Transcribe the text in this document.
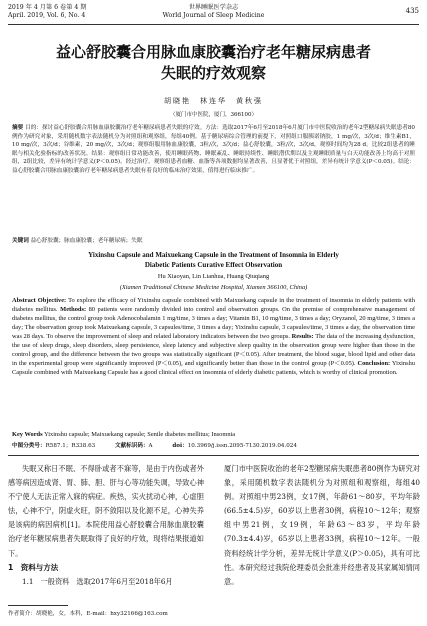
2019 年 4 月第 6 卷第 4 期
April. 2019, Vol. 6, No. 4
世界睡眠医学杂志
World Journal of Sleep Medicine
435
益心舒胶囊合用脉血康胶囊治疗老年糖尿病患者
失眠的疗效观察
胡晓艳　林连华　黄秋强
（厦门市中医院，厦门，366100）
摘要 目的：探讨益心舒胶囊合用脉血康胶囊治疗老年糖尿病患者失眠的疗效。方法：选取2017年6月至2018年6月厦门市中医院收治的老年2型糖尿病失眠患者80例作为研究对象，采用随机数字表法随机分为对照组和观察组，每组40例。基于糖尿病综合管理的前提下，对照组口服胰诺钠胶，1 mg/次，3次/d；维生素B1，10 mg/次，3次/d；谷维素，20 mg/次，3次/d；观察组服用脉血康胶囊，3粒/次，3次/d；益心舒胶囊，3粒/次，3次/d，观察时间均为28 d。比较2组患者的睡眠与相关化验指标的改善状况。结果：观察组日常功能改善，使用睡眠药物、睡眠紊乱、睡眠持续性、睡眠潜伏期以及主观睡眠质量与白天功能改善上均高于对照组，2组比较，差异有统计学意义(P＜0.05)。经过治疗，观察组患者血糖、血脂等各项数据均显著改善，且显著优于对照组，差异有统计学意义(P＜0.05)。结论：益心舒胶囊合用脉血康胶囊治疗老年糖尿病患者失眠有着良好的临床治疗效果，值得进行临床推广。
关键词 益心舒胶囊；脉血康胶囊；老年糖尿病；失眠
Yixinshu Capsule and Maixuekang Capsule in the Treatment of Insomnia in Elderly
Diabetic Patients Curative Effect Observation
Hu Xiaoyan, Lin Lianhua, Huang Qiuqiang
(Xiamen Traditional Chinese Medicine Hospital, Xiamen 366100, China)
Abstract Objective: To explore the efficacy of Yixinshu capsule combined with Maixuekang capsule in the treatment of insomnia in elderly patients with diabetes mellitus. Methods: 80 patients were randomly divided into control and observation groups. On the premise of comprehensive management of diabetes mellitus, the control group took Adenocobalamin 1 mg/time, 3 times a day; Vitamin B1, 10 mg/time, 3 times a day; Oryzanol, 20 mg/time, 3 times a day; The observation group took Maixuekang capsule, 3 capsules/time, 3 times a day; Yixinshu capsule, 3 capsules/time, 3 times a day, the observation time was 28 days. To observe the improvement of sleep and related laboratory indicators between the two groups. Results: The data of the increasing dysfunction, the use of sleep drugs, sleep disorders, sleep persistence, sleep latency and subjective sleep quality in the observation group were higher than those in the control group, and the difference between the two groups was statistically significant (P＜0.05). After treatment, the blood sugar, blood lipid and other data in the experimental group were significantly improved (P＜0.05), and significantly better than those in the control group (P＜0.05). Conclusion: Yixinshu Capsule combined with Maixuekang Capsule has a good clinical effect on insomnia of elderly diabetic patients, which is worthy of clinical promotion.
Key Words Yixinshu capsule; Maixuekang capsule; Senile diabetes mellitus; Insomnia
中图分类号：R587.1；R338.63	文献标识码：A	doi：10.3969/j.issn.2095-7130.2019.04.024
失眠又称日不眠、不得卧或者不寐等，是由于内伤或者外感等病因造成肾、胃、肺、胆、肝与心等功能失调，导致心神不宁使人无法正常入寐的病症。疾热，实火扰动心神，心虚胆怯，心神不宁，阴虚火旺，阴不敛阳以及化源不足，心神失养是该病的病因病机[1]。本院使用益心舒胶囊合用脉血康胶囊治疗老年糖尿病患者失眠取得了良好的疗效，现将结果报道如下。
1　资料与方法
1.1　一般资料　选取2017年6月至2018年6月
厦门市中医院收治的老年2型糖尿病失眠患者80例作为研究对象，采用随机数字表法随机分为对照组和观察组，每组40例。对照组中男23例，女17例，年龄61～80岁，平均年龄(66.5±4.5)岁，60岁以上患者30例，病程10～12年；观察组中男21例，女19例，年龄63～83岁，平均年龄(70.3±4.4)岁，65岁以上患者33例，病程10～12年。一般资料经统计学分析，差异无统计学意义(P＞0.05)，具有可比性。本研究经过我院伦理委员会批准并经患者及其家属知情同意。
作者简介：胡晓艳，女，本科，E-mail：hxy32166@163.com
